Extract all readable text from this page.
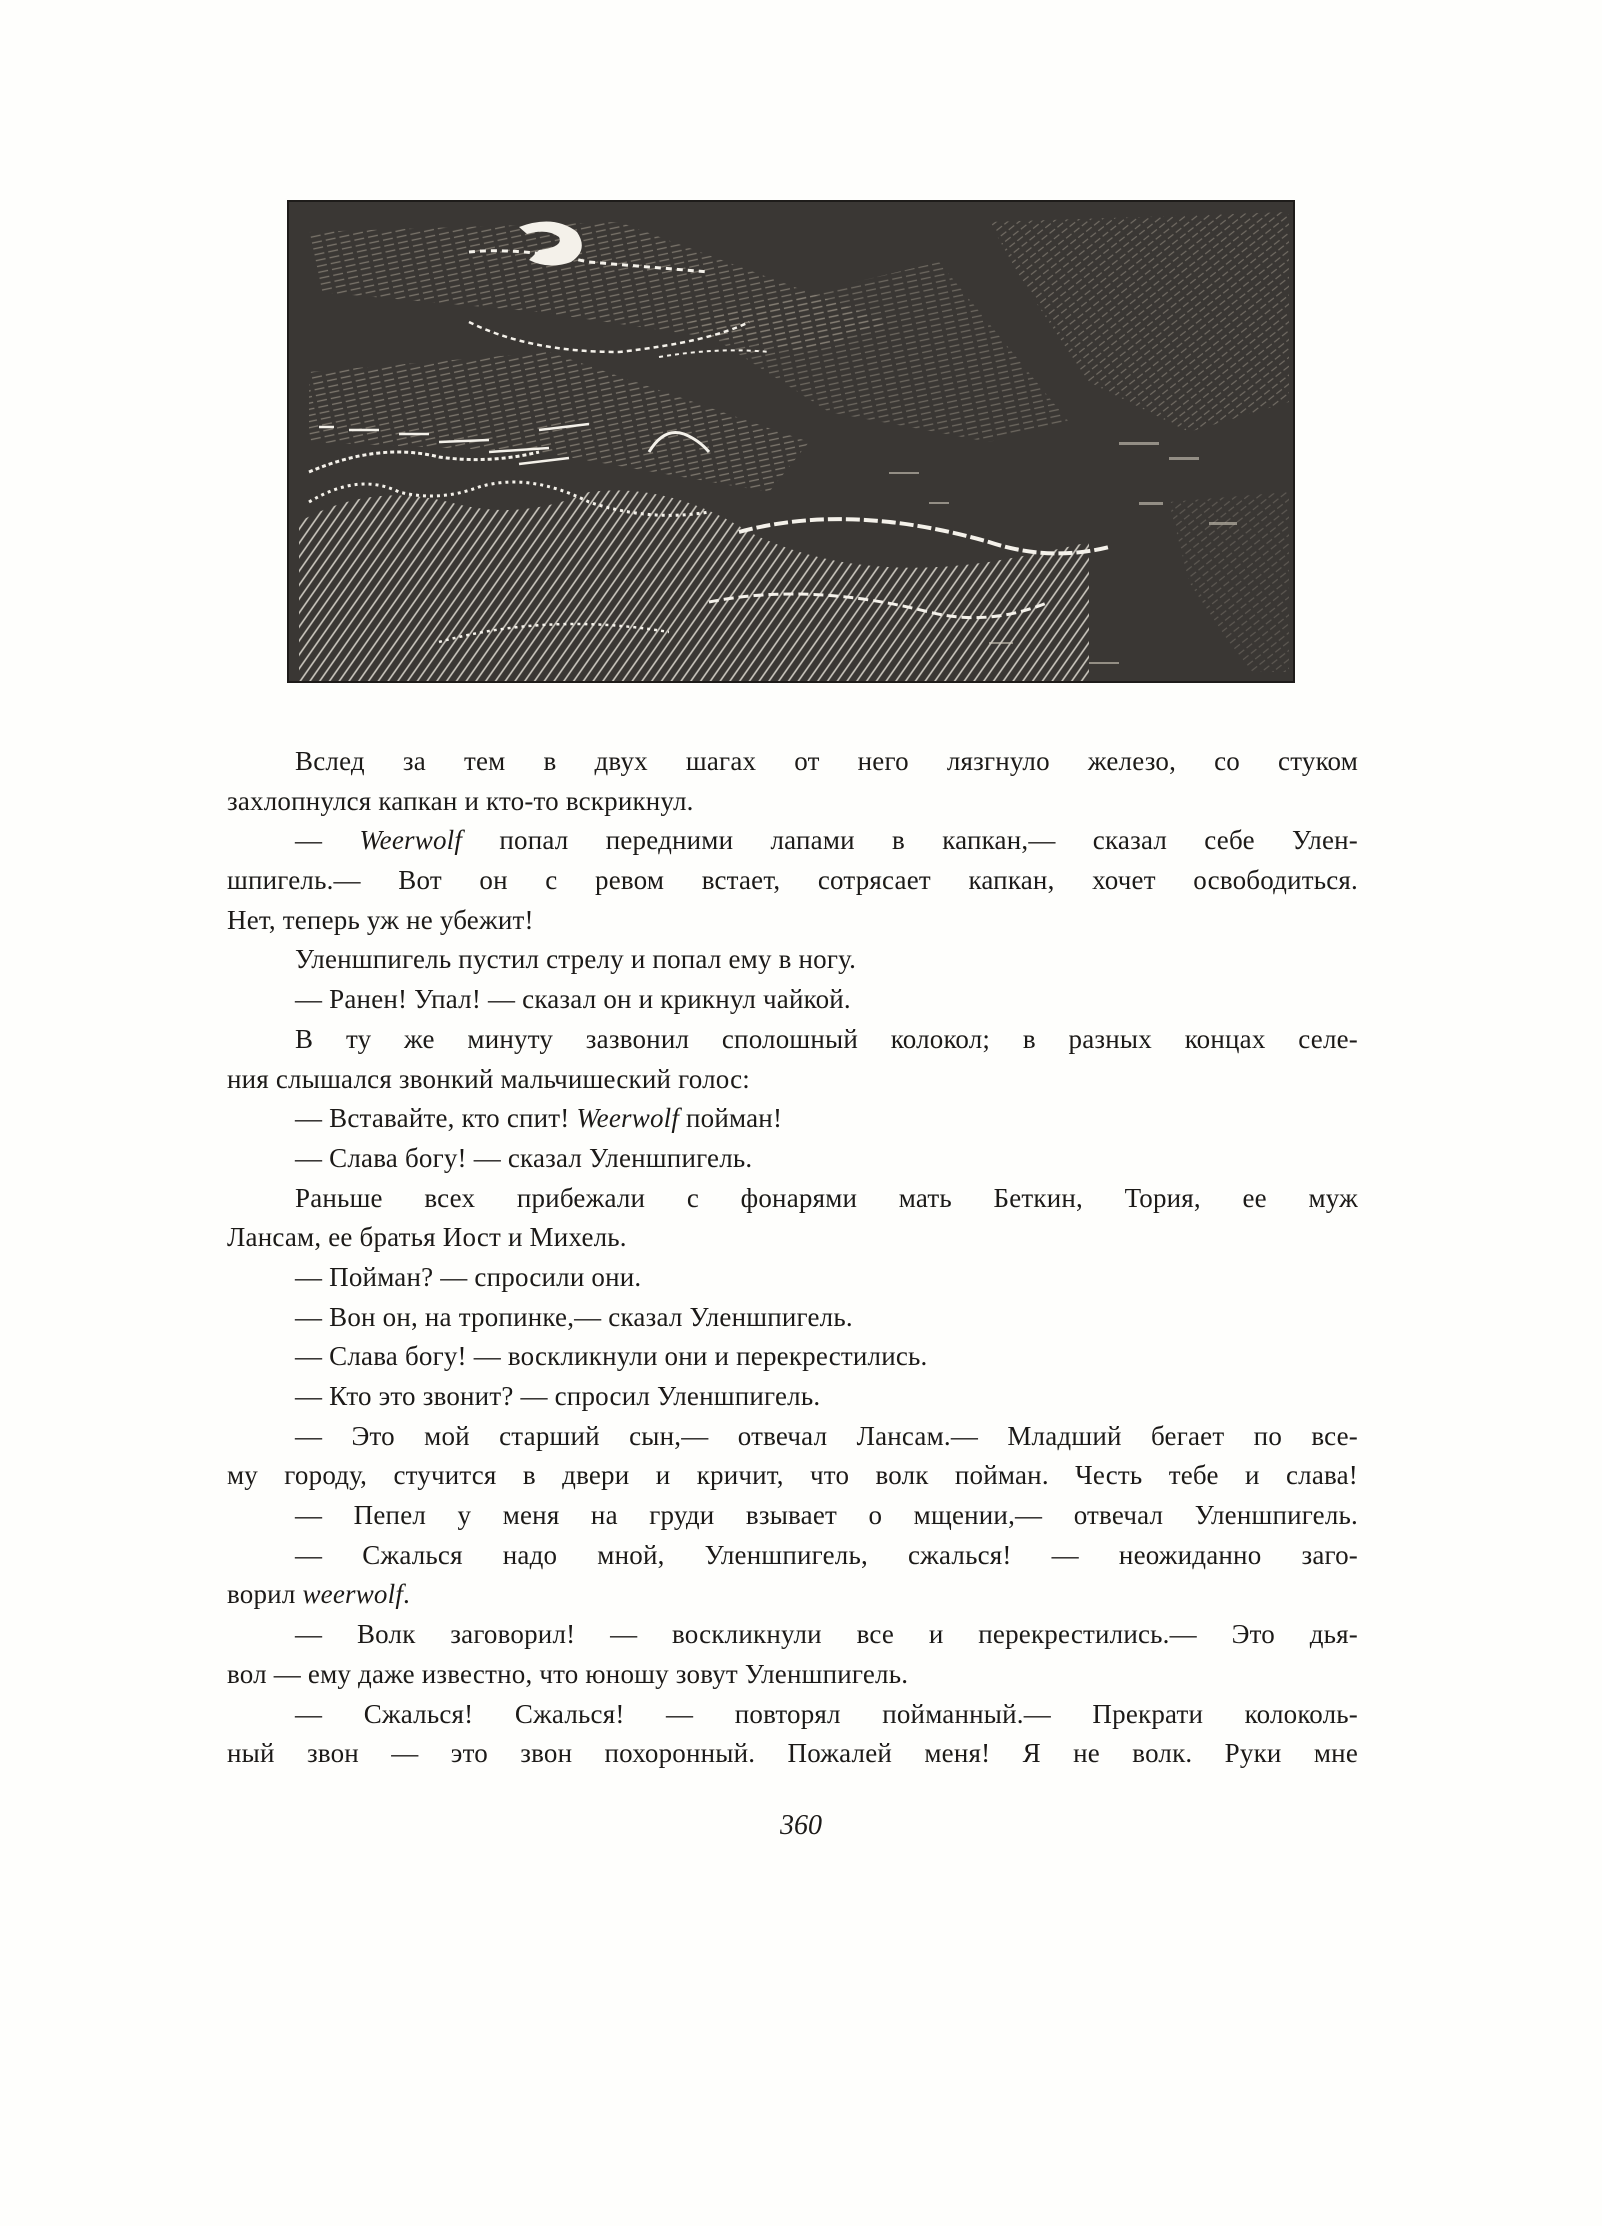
Вслед за тем в двух шагах от него лязгнуло железо, со стуком
захлопнулся капкан и кто-то вскрикнул.
— Weerwolf попал передними лапами в капкан,— сказал себе Улен-
шпигель.— Вот он с ревом встает, сотрясает капкан, хочет освободиться.
Нет, теперь уж не убежит!
Уленшпигель пустил стрелу и попал ему в ногу.
— Ранен! Упал! — сказал он и крикнул чайкой.
В ту же минуту зазвонил сполошный колокол; в разных концах селе-
ния слышался звонкий мальчишеский голос:
— Вставайте, кто спит! Weerwolf пойман!
— Слава богу! — сказал Уленшпигель.
Раньше всех прибежали с фонарями мать Беткин, Тория, ее муж
Лансам, ее братья Иост и Михель.
— Пойман? — спросили они.
— Вон он, на тропинке,— сказал Уленшпигель.
— Слава богу! — воскликнули они и перекрестились.
— Кто это звонит? — спросил Уленшпигель.
— Это мой старший сын,— отвечал Лансам.— Младший бегает по все-
му городу, стучится в двери и кричит, что волк пойман. Честь тебе и слава!
— Пепел у меня на груди взывает о мщении,— отвечал Уленшпигель.
— Сжалься надо мной, Уленшпигель, сжалься! — неожиданно заго-
ворил weerwolf.
— Волк заговорил! — воскликнули все и перекрестились.— Это дья-
вол — ему даже известно, что юношу зовут Уленшпигель.
— Сжалься! Сжалься! — повторял пойманный.— Прекрати колоколь-
ный звон — это звон похоронный. Пожалей меня! Я не волк. Руки мне
360
